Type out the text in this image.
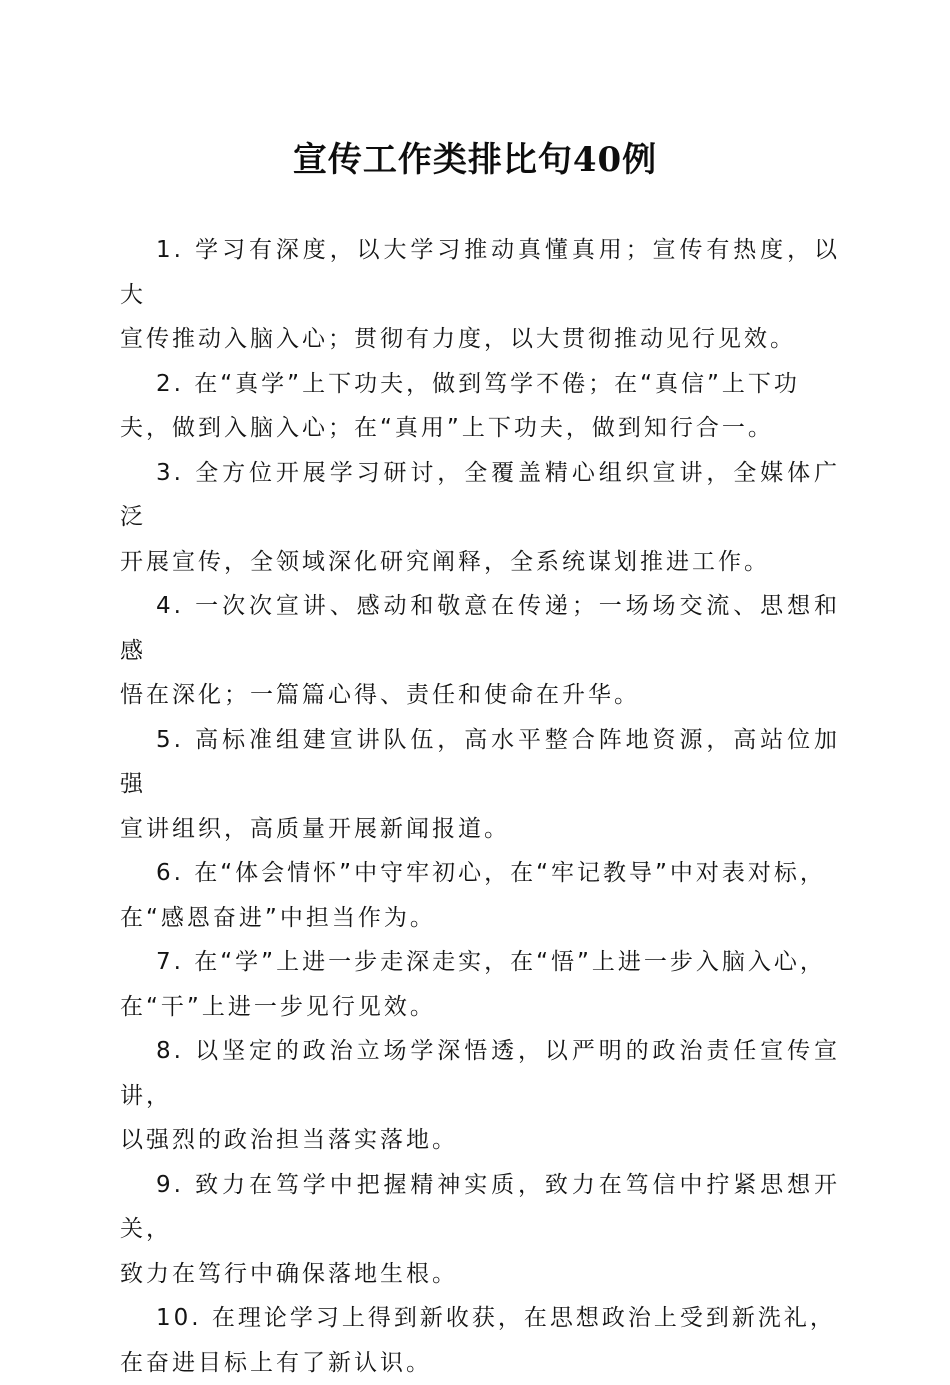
宣传工作类排比句40例

1. 学习有深度，以大学习推动真懂真用；宣传有热度，以大
宣传推动入脑入心；贯彻有力度，以大贯彻推动见行见效。

2. 在“真学”上下功夫，做到笃学不倦；在“真信”上下功
夫，做到入脑入心；在“真用”上下功夫，做到知行合一。

3. 全方位开展学习研讨，全覆盖精心组织宣讲，全媒体广泛
开展宣传，全领域深化研究阐释，全系统谋划推进工作。

4. 一次次宣讲、感动和敬意在传递；一场场交流、思想和感
悟在深化；一篇篇心得、责任和使命在升华。

5. 高标准组建宣讲队伍，高水平整合阵地资源，高站位加强
宣讲组织，高质量开展新闻报道。

6. 在“体会情怀”中守牢初心，在“牢记教导”中对表对标，
在“感恩奋进”中担当作为。

7. 在“学”上进一步走深走实，在“悟”上进一步入脑入心，
在“干”上进一步见行见效。

8. 以坚定的政治立场学深悟透，以严明的政治责任宣传宣讲，
以强烈的政治担当落实落地。

9. 致力在笃学中把握精神实质，致力在笃信中拧紧思想开关，
致力在笃行中确保落地生根。

10. 在理论学习上得到新收获，在思想政治上受到新洗礼，
在奋进目标上有了新认识。
